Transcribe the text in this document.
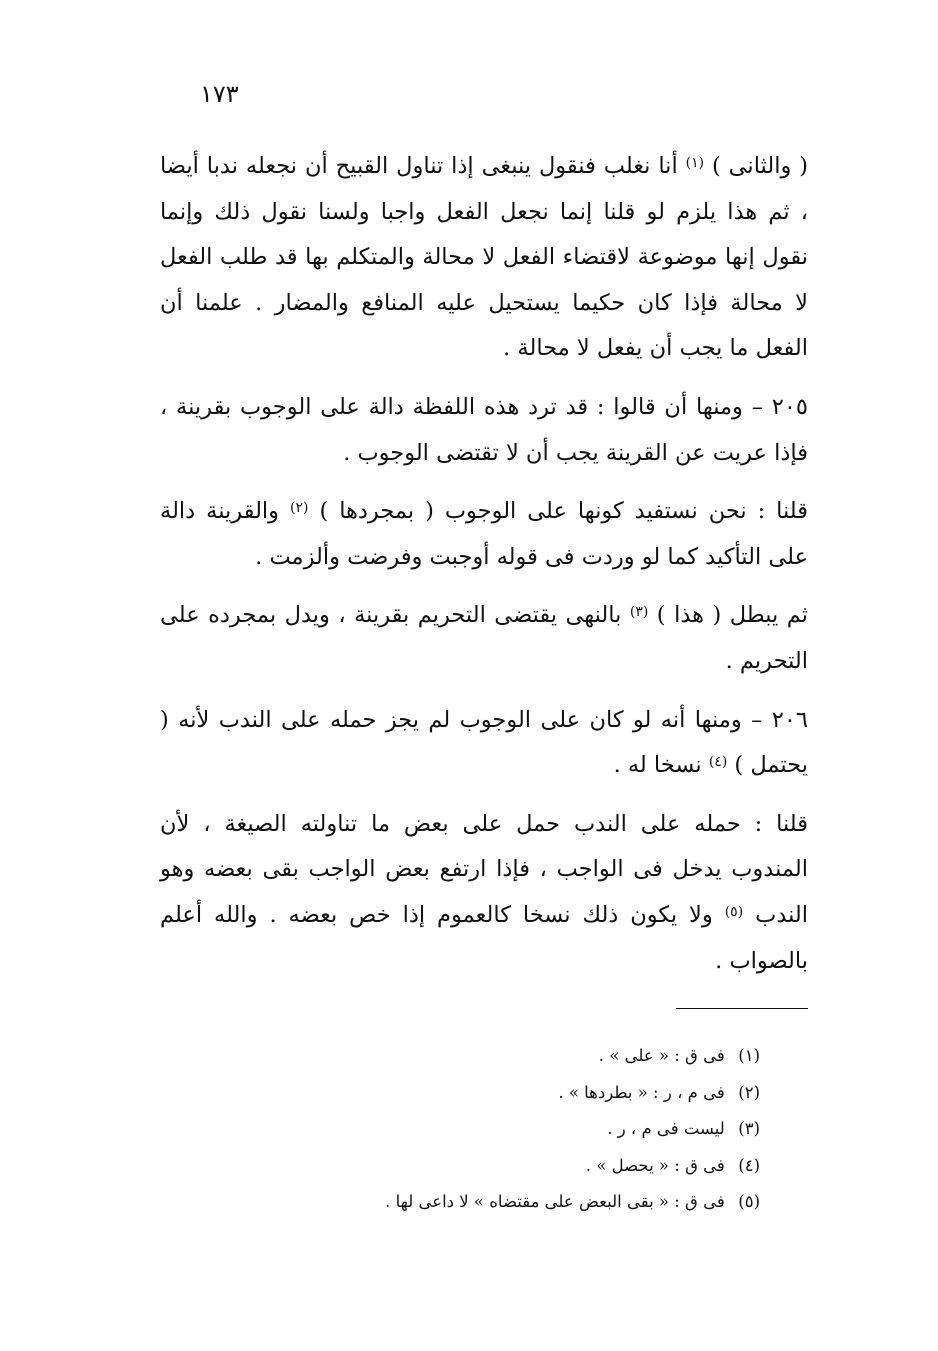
١٧٣

( والثانى ) $^{(١)}$ أنا نغلب فنقول ينبغى إذا تناول القبيح أن نجعله ندبا أيضا ، ثم هذا يلزم لو قلنا إنما نجعل الفعل واجبا ولسنا نقول ذلك وإنما نقول إنها موضوعة لاقتضاء الفعل لا محالة والمتكلم بها قد طلب الفعل لا محالة فإذا كان حكيما يستحيل عليه المنافع والمضار . علمنا أن الفعل ما يجب أن يفعل لا محالة .

٢٠٥ – ومنها أن قالوا : قد ترد هذه اللفظة دالة على الوجوب بقرينة ، فإذا عريت عن القرينة يجب أن لا تقتضى الوجوب .

قلنا : نحن نستفيد كونها على الوجوب ( بمجردها ) $^{(٢)}$ والقرينة دالة على التأكيد كما لو وردت فى قوله أوجبت وفرضت وألزمت .

ثم يبطل ( هذا ) $^{(٣)}$ بالنهى يقتضى التحريم بقرينة ، ويدل بمجرده على التحريم .

٢٠٦ – ومنها أنه لو كان على الوجوب لم يجز حمله على الندب لأنه ( يحتمل ) $^{(٤)}$ نسخا له .

قلنا : حمله على الندب حمل على بعض ما تناولته الصيغة ، لأن المندوب يدخل فى الواجب ، فإذا ارتفع بعض الواجب بقى بعضه وهو الندب $^{(٥)}$ ولا يكون ذلك نسخا كالعموم إذا خص بعضه . والله أعلم بالصواب .

(١) فى ق : « على » .
(٢) فى م ، ر : « بطردها » .
(٣) ليست فى م ، ر .
(٤) فى ق : « يحصل » .
(٥) فى ق : « بقى البعض على مقتضاه » لا داعى لها .
